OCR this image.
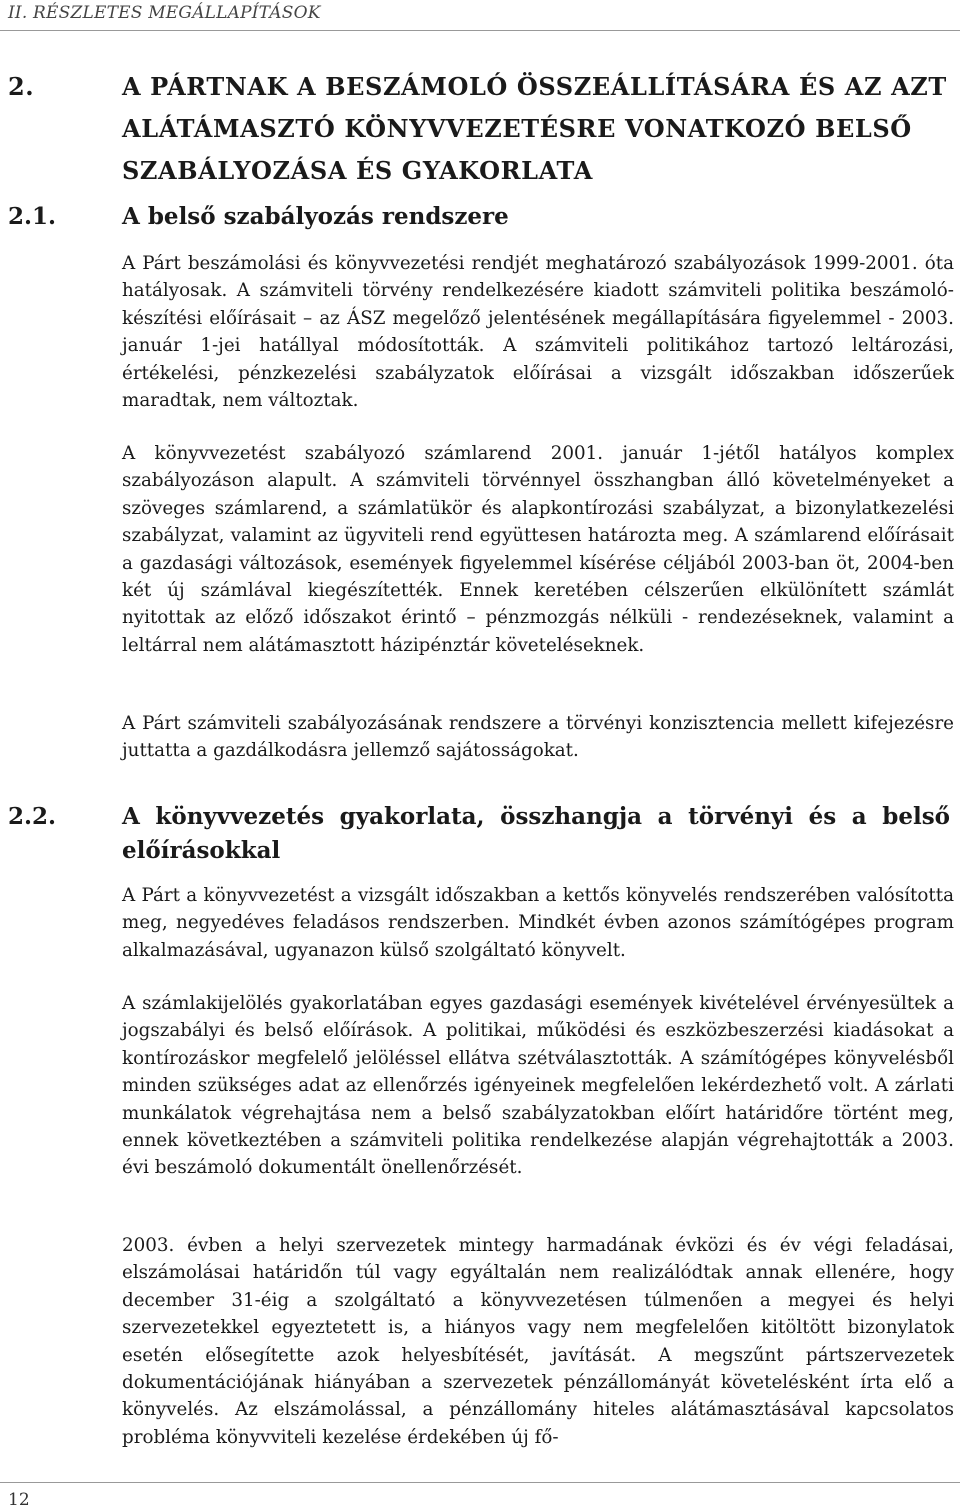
II. RÉSZLETES MEGÁLLAPÍTÁSOK
2.	A PÁRTNAK A BESZÁMOLÓ ÖSSZEÁLLÍTÁSÁRA ÉS AZ AZT ALÁTÁMASZTÓ KÖNYVVEZETÉSRE VONATKOZÓ BELSŐ SZABÁLYOZÁSA ÉS GYAKORLATA
2.1.	A belső szabályozás rendszere

A Párt beszámolási és könyvvezetési rendjét meghatározó szabályozások 1999-2001. óta hatályosak. A számviteli törvény rendelkezésére kiadott számviteli politika beszámoló-készítési előírásait – az ÁSZ megelőző jelentésének megállapítására figyelemmel - 2003. január 1-jei hatállyal módosították. A számviteli politikához tartozó leltározási, értékelési, pénzkezelési szabályzatok előírásai a vizsgált időszakban időszerűek maradtak, nem változtak.

A könyvvezetést szabályozó számlarend 2001. január 1-jétől hatályos komplex szabályozáson alapult. A számviteli törvénnyel összhangban álló követelményeket a szöveges számlarend, a számlatükör és alapkontírozási szabályzat, a bizonylatkezelési szabályzat, valamint az ügyviteli rend együttesen határozta meg. A számlarend előírásait a gazdasági változások, események figyelemmel kísérése céljából 2003-ban öt, 2004-ben két új számlával kiegészítették. Ennek keretében célszerűen elkülönített számlát nyitottak az előző időszakot érintő – pénzmozgás nélküli - rendezéseknek, valamint a leltárral nem alátámasztott házipénztár követeléseknek.

A Párt számviteli szabályozásának rendszere a törvényi konzisztencia mellett kifejezésre juttatta a gazdálkodásra jellemző sajátosságokat.

2.2.	A könyvvezetés gyakorlata, összhangja a törvényi és a belső előírásokkal

A Párt a könyvvezetést a vizsgált időszakban a kettős könyvelés rendszerében valósította meg, negyedéves feladásos rendszerben. Mindkét évben azonos számítógépes program alkalmazásával, ugyanazon külső szolgáltató könyvelt.

A számlakijelölés gyakorlatában egyes gazdasági események kivételével érvényesültek a jogszabályi és belső előírások. A politikai, működési és eszközbeszerzési kiadásokat a kontírozáskor megfelelő jelöléssel ellátva szétválasztották. A számítógépes könyvelésből minden szükséges adat az ellenőrzés igényeinek megfelelően lekérdezhető volt. A zárlati munkálatok végrehajtása nem a belső szabályzatokban előírt határidőre történt meg, ennek következtében a számviteli politika rendelkezése alapján végrehajtották a 2003. évi beszámoló dokumentált önellenőrzését.

2003. évben a helyi szervezetek mintegy harmadának évközi és év végi feladásai, elszámolásai határidőn túl vagy egyáltalán nem realizálódtak annak ellenére, hogy december 31-éig a szolgáltató a könyvvezetésen túlmenően a megyei és helyi szervezetekkel egyeztetett is, a hiányos vagy nem megfelelően kitöltött bizonylatok esetén elősegítette azok helyesbítését, javítását. A megszűnt pártszervezetek dokumentációjának hiányában a szervezetek pénzállományát követelésként írta elő a könyvelés. Az elszámolással, a pénzállomány hiteles alátámasztásával kapcsolatos probléma könyvviteli kezelése érdekében új fő-

12
